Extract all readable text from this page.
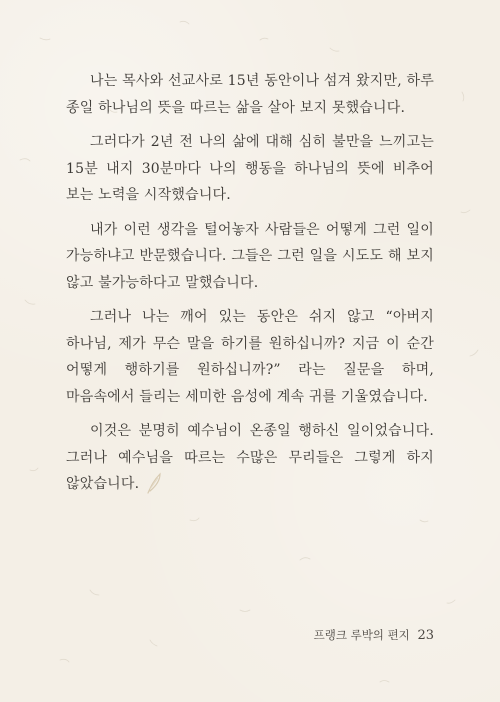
나는 목사와 선교사로 15년 동안이나 섬겨 왔지만, 하루 종일 하나님의 뜻을 따르는 삶을 살아 보지 못했습니다.

그러다가 2년 전 나의 삶에 대해 심히 불만을 느끼고는 15분 내지 30분마다 나의 행동을 하나님의 뜻에 비추어 보는 노력을 시작했습니다.

내가 이런 생각을 털어놓자 사람들은 어떻게 그런 일이 가능하냐고 반문했습니다. 그들은 그런 일을 시도도 해 보지 않고 불가능하다고 말했습니다.

그러나 나는 깨어 있는 동안은 쉬지 않고 “아버지 하나님, 제가 무슨 말을 하기를 원하십니까? 지금 이 순간 어떻게 행하기를 원하십니까?” 라는 질문을 하며, 마음속에서 들리는 세미한 음성에 계속 귀를 기울였습니다.

이것은 분명히 예수님이 온종일 행하신 일이었습니다. 그러나 예수님을 따르는 수많은 무리들은 그렇게 하지 않았습니다.

프랭크 루박의 편지 23
